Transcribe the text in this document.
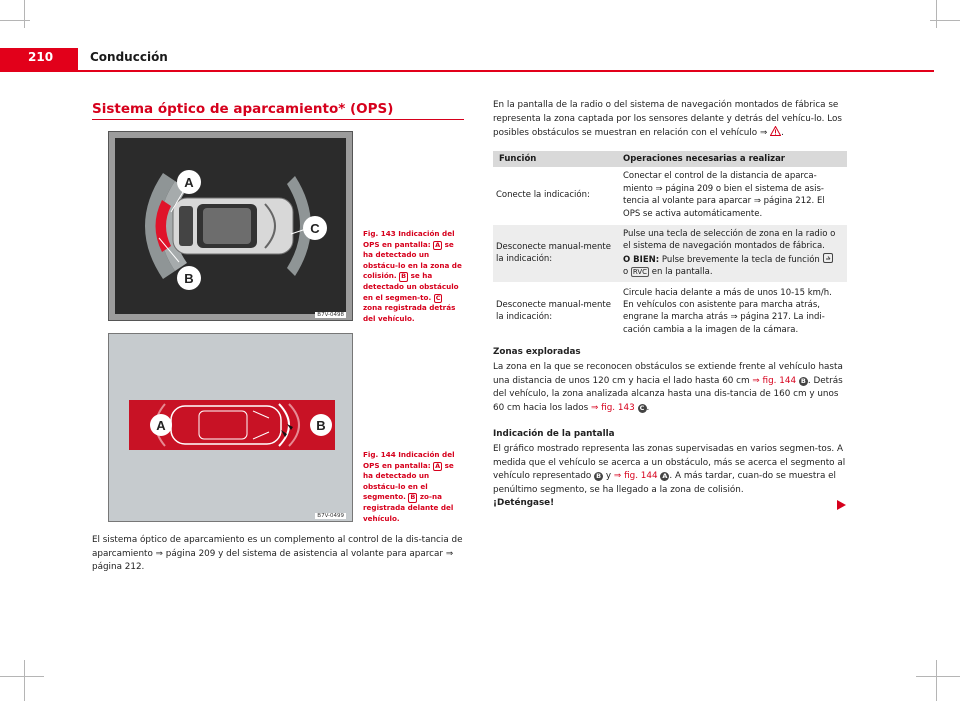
210	Conducción
Sistema óptico de aparcamiento* (OPS)
A
B
C
B7V-0498
Fig. 143 Indicación del OPS en pantalla: A se ha detectado un obstácu-lo en la zona de colisión. B se ha detectado un obstáculo en el segmen-to. C zona registrada detrás del vehículo.
A	B
B7V-0499
Fig. 144 Indicación del OPS en pantalla: A se ha detectado un obstácu-lo en el segmento. B zo-na registrada delante del vehículo.
El sistema óptico de aparcamiento es un complemento al control de la dis-tancia de aparcamiento ⇒ página 209 y del sistema de asistencia al volante para aparcar ⇒ página 212.
En la pantalla de la radio o del sistema de navegación montados de fábrica se representa la zona captada por los sensores delante y detrás del vehícu-lo. Los posibles obstáculos se muestran en relación con el vehículo ⇒ .
Función	Operaciones necesarias a realizar
Conecte la indicación:	Conectar el control de la distancia de aparca-miento ⇒ página 209 o bien el sistema de asis-tencia al volante para aparcar ⇒ página 212. El OPS se activa automáticamente.
Desconecte manual-mente la indicación:	Pulse una tecla de selección de zona en la radio o el sistema de navegación montados de fábrica.
O BIEN: Pulse brevemente la tecla de función
o RVC en la pantalla.
Desconecte manual-mente la indicación:	Circule hacia delante a más de unos 10-15 km/h. En vehículos con asistente para marcha atrás, engrane la marcha atrás ⇒ página 217. La indi-cación cambia a la imagen de la cámara.
Zonas exploradas
La zona en la que se reconocen obstáculos se extiende frente al vehículo hasta una distancia de unos 120 cm y hacia el lado hasta 60 cm ⇒ fig. 144 B . Detrás del vehículo, la zona analizada alcanza hasta una dis-tancia de 160 cm y unos 60 cm hacia los lados ⇒ fig. 143 C .
Indicación de la pantalla
El gráfico mostrado representa las zonas supervisadas en varios segmen-tos. A medida que el vehículo se acerca a un obstáculo, más se acerca el segmento al vehículo representado B y ⇒ fig. 144 A . A más tardar, cuan-do se muestra el penúltimo segmento, se ha llegado a la zona de colisión.
¡Deténgase!
